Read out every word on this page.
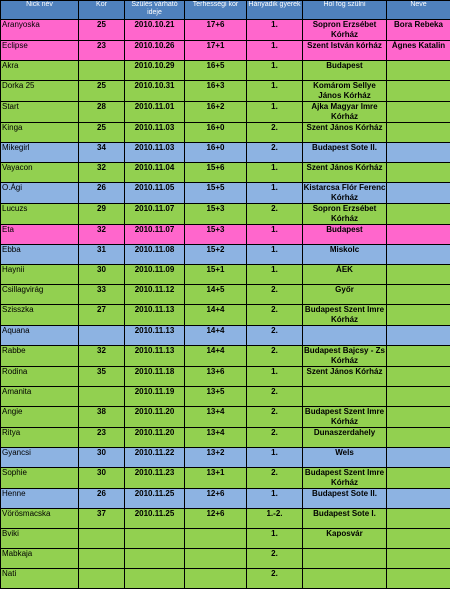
Nick név	Kor	Szülés várható ideje	Terhességi kor	Hányadik gyerek	Hol fog szülni	Neve
Aranyoska	25	2010.10.21	17+6	1.	Sopron Erzsébet Kórház	Bora Rebeka
Eclipse	23	2010.10.26	17+1	1.	Szent István kórház	Ágnes Katalin
Akra		2010.10.29	16+5	1.	Budapest	
Dorka 25	25	2010.10.31	16+3	1.	Komárom Sellye János Kórház	
Start	28	2010.11.01	16+2	1.	Ajka Magyar Imre Kórház	
Kinga	25	2010.11.03	16+0	2.	Szent János Kórház	
Mikegirl	34	2010.11.03	16+0	2.	Budapest Sote II.	
Vayacon	32	2010.11.04	15+6	1.	Szent János Kórház	
O.Ági	26	2010.11.05	15+5	1.	Kistarcsa Flór Ferenc Kórház	
Lucuzs	29	2010.11.07	15+3	2.	Sopron Erzsébet Kórház	
Eta	32	2010.11.07	15+3	1.	Budapest	
Ebba	31	2010.11.08	15+2	1.	Miskolc	
Haynii	30	2010.11.09	15+1	1.	ÁEK	
Csillagvirág	33	2010.11.12	14+5	2.	Győr	
Szisszka	27	2010.11.13	14+4	2.	Budapest Szent Imre Kórház	
Aquana		2010.11.13	14+4	2.		
Rabbe	32	2010.11.13	14+4	2.	Budapest Bajcsy - Zs Kórház	
Rodina	35	2010.11.18	13+6	1.	Szent János Kórház	
Amanita		2010.11.19	13+5	2.		
Angie	38	2010.11.20	13+4	2.	Budapest Szent Imre Kórház	
Ritya	23	2010.11.20	13+4	2.	Dunaszerdahely	
Gyancsi	30	2010.11.22	13+2	1.	Wels	
Sophie	30	2010.11.23	13+1	2.	Budapest Szent Imre Kórház	
Henne	26	2010.11.25	12+6	1.	Budapest Sote II.	
Vörösmacska	37	2010.11.25	12+6	1.-2.	Budapest Sote I.	
Bviki				1.	Kaposvár	
Mabkaja				2.		
Nati				2.		
